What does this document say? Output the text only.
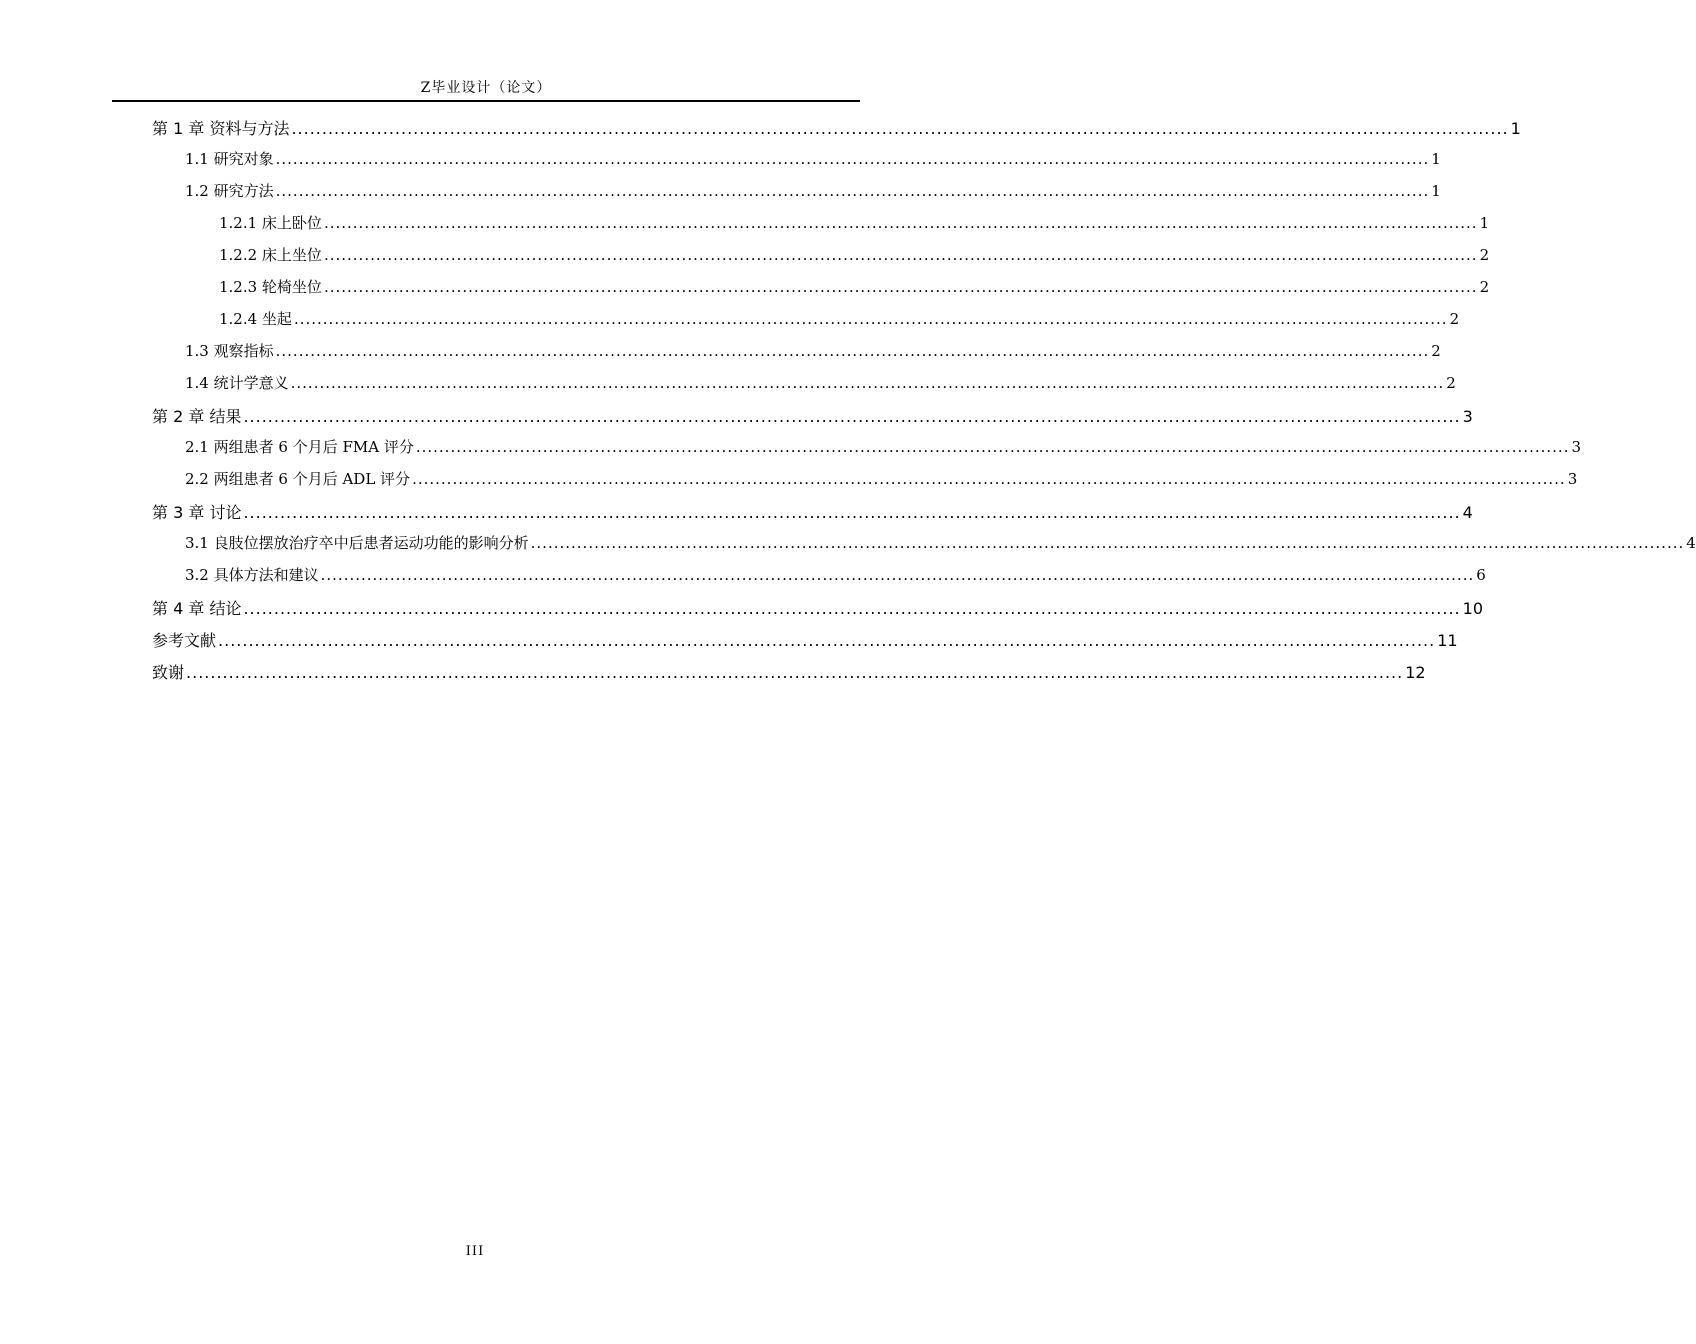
Z毕业设计（论文）
第 1 章 资料与方法 ........................................................................................................................................................................................................ 1
1.1 研究对象 ........................................................................................................................................................................................................ 1
1.2 研究方法 ........................................................................................................................................................................................................ 1
1.2.1 床上卧位 ........................................................................................................................................................................................................ 1
1.2.2 床上坐位 ........................................................................................................................................................................................................ 2
1.2.3 轮椅坐位 ........................................................................................................................................................................................................ 2
1.2.4 坐起 ........................................................................................................................................................................................................ 2
1.3 观察指标 ........................................................................................................................................................................................................ 2
1.4 统计学意义 ........................................................................................................................................................................................................ 2
第 2 章 结果 ........................................................................................................................................................................................................ 3
2.1 两组患者 6 个月后 FMA 评分 ........................................................................................................................................................................................................ 3
2.2 两组患者 6 个月后 ADL 评分 ........................................................................................................................................................................................................ 3
第 3 章 讨论 ........................................................................................................................................................................................................ 4
3.1 良肢位摆放治疗卒中后患者运动功能的影响分析 ........................................................................................................................................................................................................ 4
3.2 具体方法和建议 ........................................................................................................................................................................................................ 6
第 4 章 结论 ........................................................................................................................................................................................................ 10
参考文献 ........................................................................................................................................................................................................ 11
致谢 ........................................................................................................................................................................................................ 12
III
